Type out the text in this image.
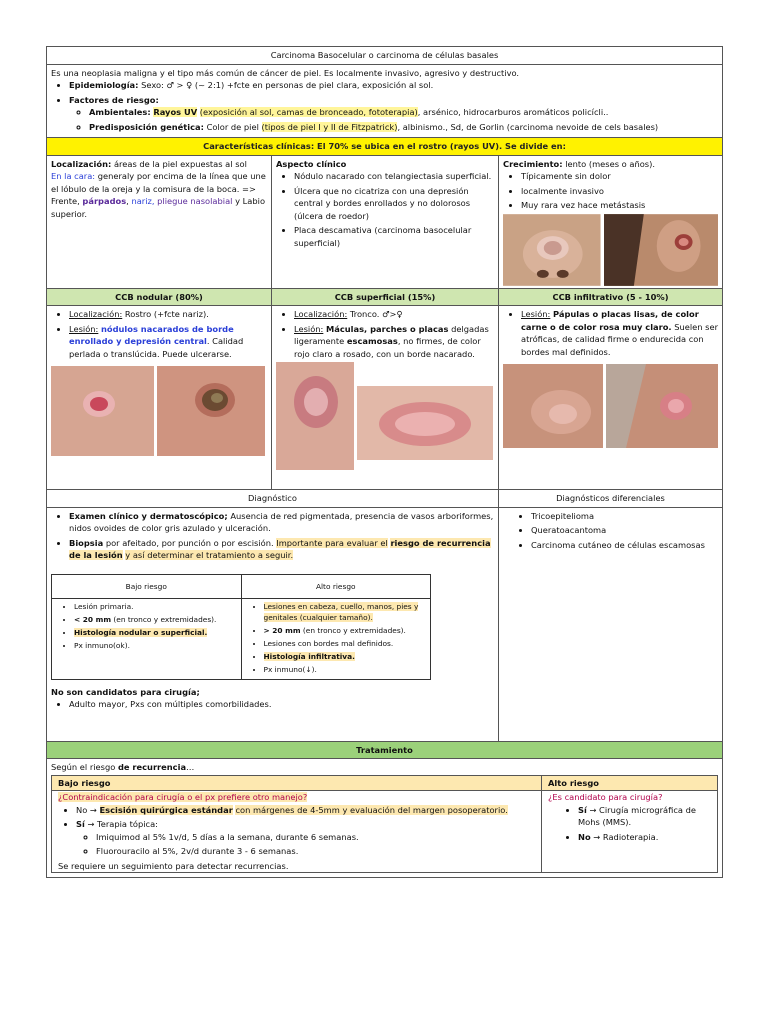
Carcinoma Basocelular o carcinoma de células basales

Es una neoplasia maligna y el tipo más común de cáncer de piel. Es localmente invasivo, agresivo y destructivo.
• Epidemiología: Sexo: ♂ > ♀ (~ 2:1) +fcte en personas de piel clara, exposición al sol.
• Factores de riesgo:
◦ Ambientales: Rayos UV (exposición al sol, camas de bronceado, fototerapia), arsénico, hidrocarburos aromáticos policícli..
◦ Predisposición genética: Color de piel (tipos de piel I y II de Fitzpatrick), albinismo., Sd, de Gorlin (carcinoma nevoide de cels basales)

Características clínicas: El 70% se ubica en el rostro (rayos UV). Se divide en:
Localización: áreas de la piel expuestas al sol
En la cara: generaly por encima de la línea que une el lóbulo de la oreja y la comisura de la boca. => Frente, párpados, nariz, pliegue nasolabial y Labio superior.	Aspecto clínico
• Nódulo nacarado con telangiectasia superficial.
• Úlcera que no cicatriza con una depresión central y bordes enrollados y no dolorosos (úlcera de roedor)
• Placa descamativa (carcinoma basocelular superficial)
	Crecimiento: lento (meses o años).
• Típicamente sin dolor
• localmente invasivo
• Muy rara vez hace metástasis

CCB nodular (80%)	CCB superficial (15%)	CCB infiltrativo (5 - 10%)

• Localización: Rostro (+fcte nariz).
• Lesión: nódulos nacarados de borde enrollado y depresión central. Calidad perlada o translúcida. Puede ulcerarse.

• Localización: Tronco. ♂>♀
• Lesión: Máculas, parches o placas delgadas ligeramente escamosas, no firmes, de color rojo claro a rosado, con un borde nacarado.

• Lesión: Pápulas o placas lisas, de color carne o de color rosa muy claro. Suelen ser atróficas, de calidad firme o endurecida con bordes mal definidos.

Diagnóstico	Diagnósticos diferenciales

• Examen clínico y dermatoscópico; Ausencia de red pigmentada, presencia de vasos arboriformes, nidos ovoides de color gris azulado y ulceración.
• Biopsia por afeitado, por punción o por escisión. Importante para evaluar el riesgo de recurrencia de la lesión y así determinar el tratamiento a seguir.
Bajo riesgo	Alto riesgo

• Lesión primaria.
• < 20 mm (en tronco y extremidades).
• Histología nodular o superficial.
• Px inmuno(ok).

• Lesiones en cabeza, cuello, manos, pies y genitales (cualquier tamaño).
• > 20 mm (en tronco y extremidades).
• Lesiones con bordes mal definidos.
• Histología infiltrativa.
• Px inmuno(↓).
No son candidatos para cirugía;
• Adulto mayor, Pxs con múltiples comorbilidades.

• Tricoepitelioma
• Queratoacantoma
• Carcinoma cutáneo de células escamosas

Tratamiento

Según el riesgo de recurrencia…
Bajo riesgo	Alto riesgo
¿Contraindicación para cirugía o el px prefiere otro manejo?
• No → Escisión quirúrgica estándar con márgenes de 4-5mm y evaluación del margen posoperatorio.
• Sí → Terapia tópica:
◦ Imiquimod al 5% 1v/d, 5 días a la semana, durante 6 semanas.
◦ Fluorouracilo al 5%, 2v/d durante 3 - 6 semanas.
Se requiere un seguimiento para detectar recurrencias.

¿Es candidato para cirugía?
• Sí → Cirugía micrográfica de Mohs (MMS).
• No → Radioterapia.
